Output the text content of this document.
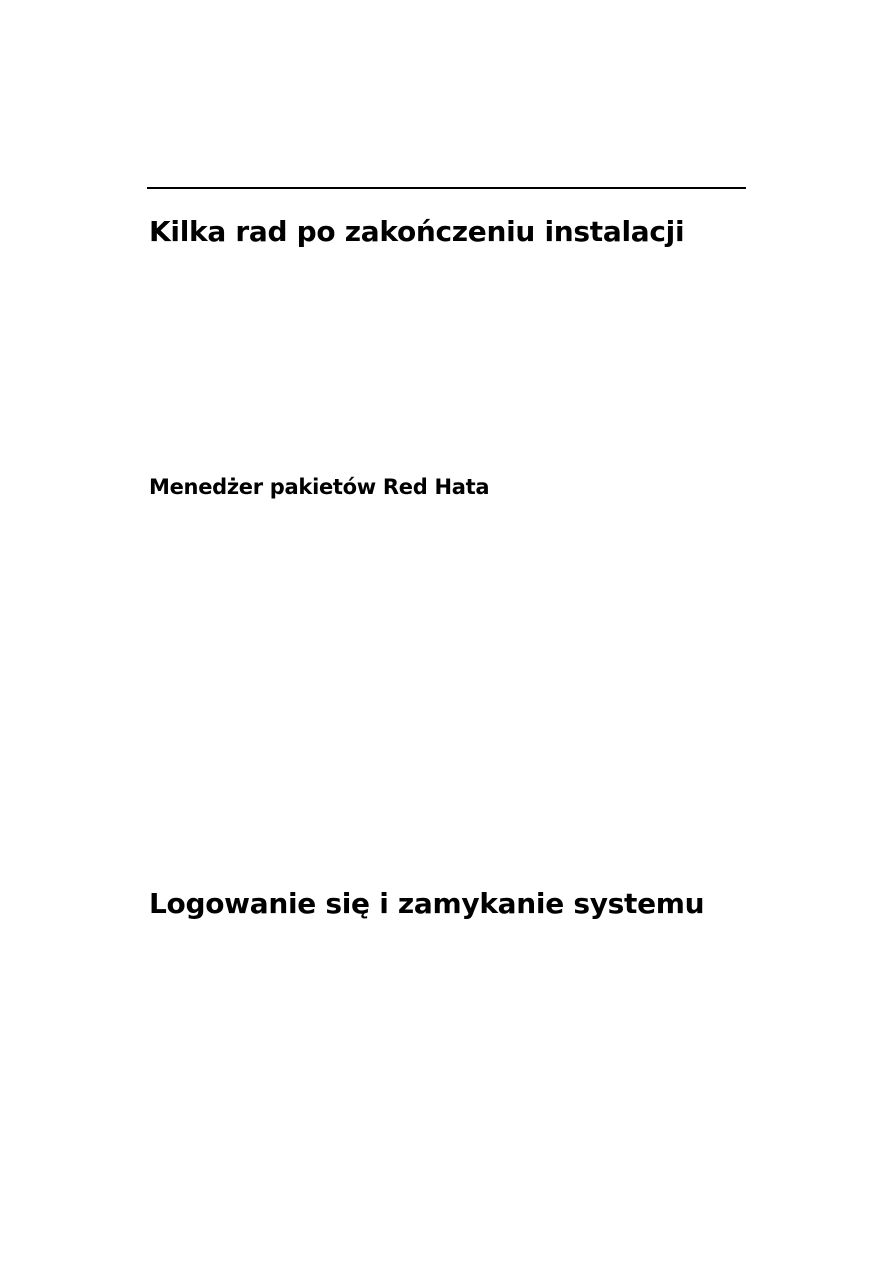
Kilka rad po zakończeniu instalacji
Menedżer pakietów Red Hata
Logowanie się i zamykanie systemu
